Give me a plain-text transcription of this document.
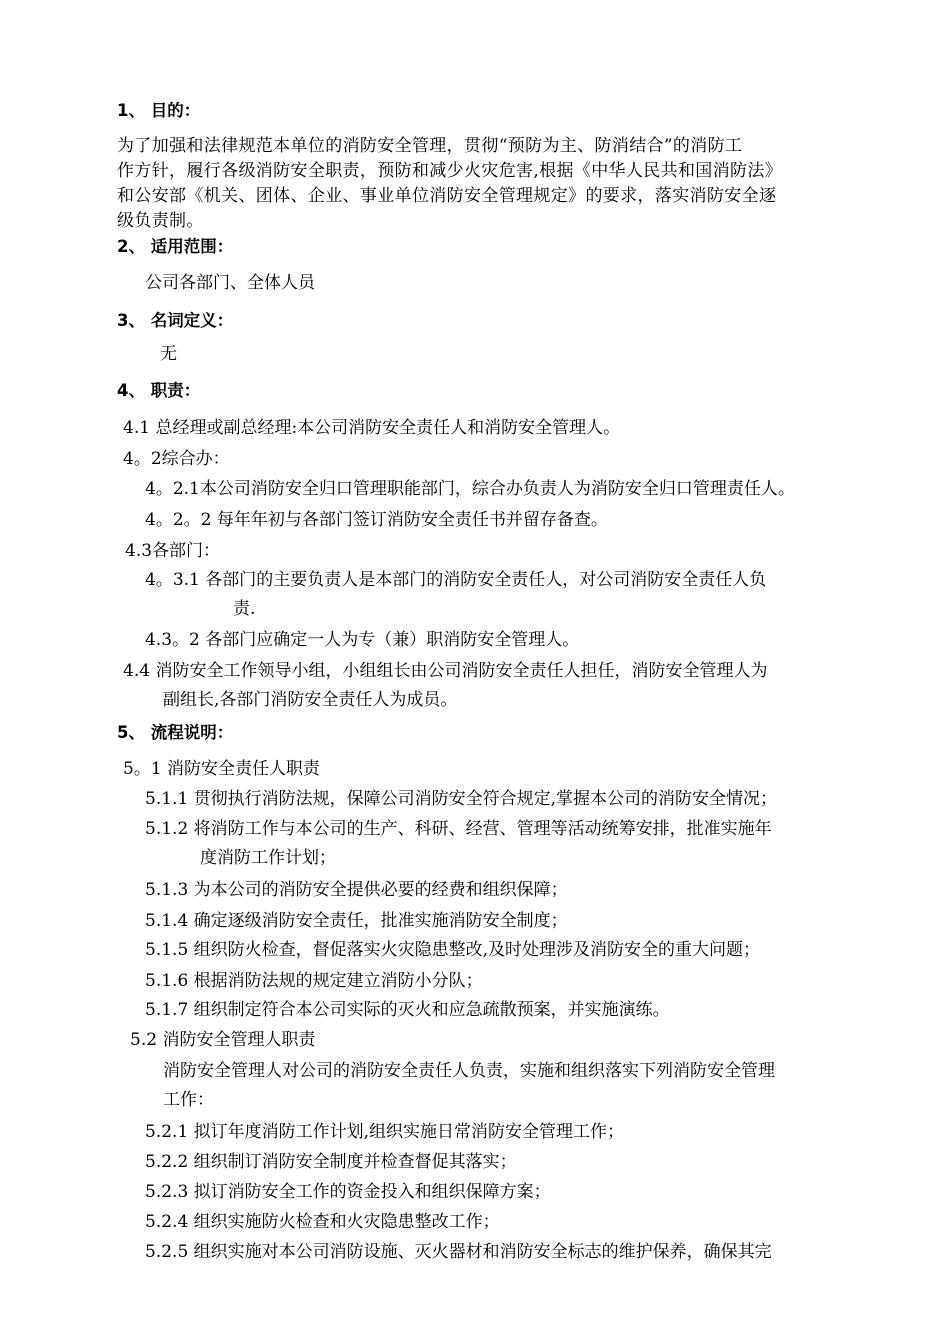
1、 目的：
为了加强和法律规范本单位的消防安全管理，贯彻“预防为主、防消结合”的消防工
作方针，履行各级消防安全职责，预防和减少火灾危害,根据《中华人民共和国消防法》
和公安部《机关、团体、企业、事业单位消防安全管理规定》的要求，落实消防安全逐
级负责制。
2、 适用范围：
公司各部门、全体人员
3、 名词定义：
无
4、 职责：
4.1 总经理或副总经理:本公司消防安全责任人和消防安全管理人。
4。2综合办：
4。2.1本公司消防安全归口管理职能部门，综合办负责人为消防安全归口管理责任人。
4。2。2 每年年初与各部门签订消防安全责任书并留存备查。
4.3各部门：
4。3.1 各部门的主要负责人是本部门的消防安全责任人，对公司消防安全责任人负
责.
4.3。2 各部门应确定一人为专（兼）职消防安全管理人。
4.4 消防安全工作领导小组，小组组长由公司消防安全责任人担任，消防安全管理人为
副组长,各部门消防安全责任人为成员。
5、 流程说明：
5。1 消防安全责任人职责
5.1.1 贯彻执行消防法规，保障公司消防安全符合规定,掌握本公司的消防安全情况；
5.1.2 将消防工作与本公司的生产、科研、经营、管理等活动统筹安排，批准实施年
度消防工作计划；
5.1.3 为本公司的消防安全提供必要的经费和组织保障；
5.1.4 确定逐级消防安全责任，批准实施消防安全制度；
5.1.5 组织防火检查，督促落实火灾隐患整改,及时处理涉及消防安全的重大问题；
5.1.6 根据消防法规的规定建立消防小分队；
5.1.7 组织制定符合本公司实际的灭火和应急疏散预案，并实施演练。
5.2 消防安全管理人职责
消防安全管理人对公司的消防安全责任人负责，实施和组织落实下列消防安全管理
工作：
5.2.1 拟订年度消防工作计划,组织实施日常消防安全管理工作；
5.2.2 组织制订消防安全制度并检查督促其落实；
5.2.3 拟订消防安全工作的资金投入和组织保障方案；
5.2.4 组织实施防火检查和火灾隐患整改工作；
5.2.5 组织实施对本公司消防设施、灭火器材和消防安全标志的维护保养，确保其完
